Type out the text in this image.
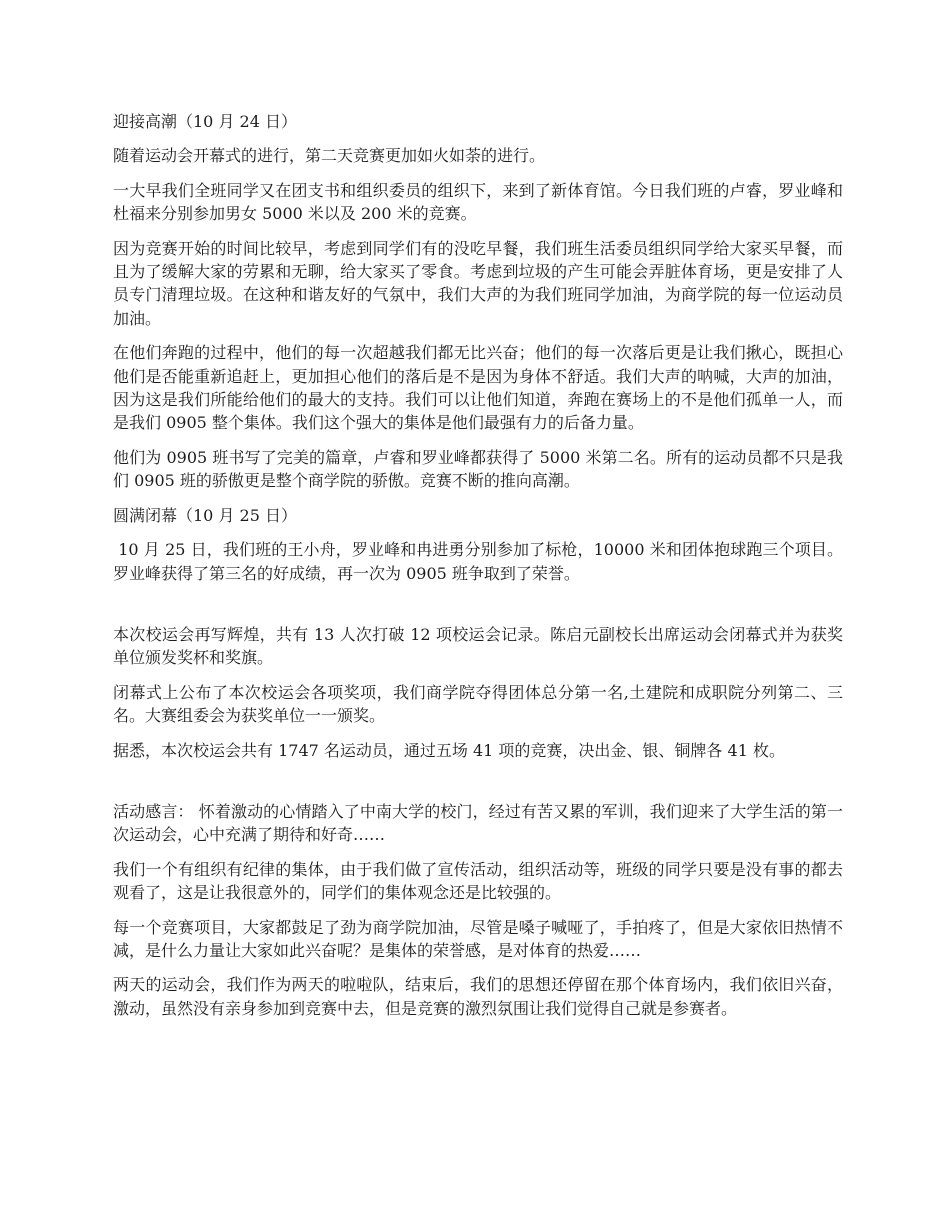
迎接高潮（10 月 24 日）

随着运动会开幕式的进行，第二天竞赛更加如火如荼的进行。

一大早我们全班同学又在团支书和组织委员的组织下，来到了新体育馆。今日我们班的卢睿，罗业峰和杜福来分别参加男女 5000 米以及 200 米的竞赛。

因为竞赛开始的时间比较早，考虑到同学们有的没吃早餐，我们班生活委员组织同学给大家买早餐，而且为了缓解大家的劳累和无聊，给大家买了零食。考虑到垃圾的产生可能会弄脏体育场，更是安排了人员专门清理垃圾。在这种和谐友好的气氛中，我们大声的为我们班同学加油，为商学院的每一位运动员加油。

在他们奔跑的过程中，他们的每一次超越我们都无比兴奋；他们的每一次落后更是让我们揪心，既担心他们是否能重新追赶上，更加担心他们的落后是不是因为身体不舒适。我们大声的呐喊，大声的加油，因为这是我们所能给他们的最大的支持。我们可以让他们知道，奔跑在赛场上的不是他们孤单一人，而是我们 0905 整个集体。我们这个强大的集体是他们最强有力的后备力量。

他们为 0905 班书写了完美的篇章，卢睿和罗业峰都获得了 5000 米第二名。所有的运动员都不只是我们 0905 班的骄傲更是整个商学院的骄傲。竞赛不断的推向高潮。

圆满闭幕（10 月 25 日）

10 月 25 日，我们班的王小舟，罗业峰和冉进勇分别参加了标枪，10000 米和团体抱球跑三个项目。罗业峰获得了第三名的好成绩，再一次为 0905 班争取到了荣誉。

本次校运会再写辉煌，共有 13 人次打破 12 项校运会记录。陈启元副校长出席运动会闭幕式并为获奖单位颁发奖杯和奖旗。

闭幕式上公布了本次校运会各项奖项，我们商学院夺得团体总分第一名,土建院和成职院分列第二、三名。大赛组委会为获奖单位一一颁奖。

据悉，本次校运会共有 1747 名运动员，通过五场 41 项的竞赛，决出金、银、铜牌各 41 枚。

活动感言： 怀着激动的心情踏入了中南大学的校门，经过有苦又累的军训，我们迎来了大学生活的第一次运动会，心中充满了期待和好奇……

我们一个有组织有纪律的集体，由于我们做了宣传活动，组织活动等，班级的同学只要是没有事的都去观看了，这是让我很意外的，同学们的集体观念还是比较强的。

每一个竞赛项目，大家都鼓足了劲为商学院加油，尽管是嗓子喊哑了，手拍疼了，但是大家依旧热情不减，是什么力量让大家如此兴奋呢？是集体的荣誉感，是对体育的热爱……

两天的运动会，我们作为两天的啦啦队，结束后，我们的思想还停留在那个体育场内，我们依旧兴奋，激动，虽然没有亲身参加到竞赛中去，但是竞赛的激烈氛围让我们觉得自己就是参赛者。
